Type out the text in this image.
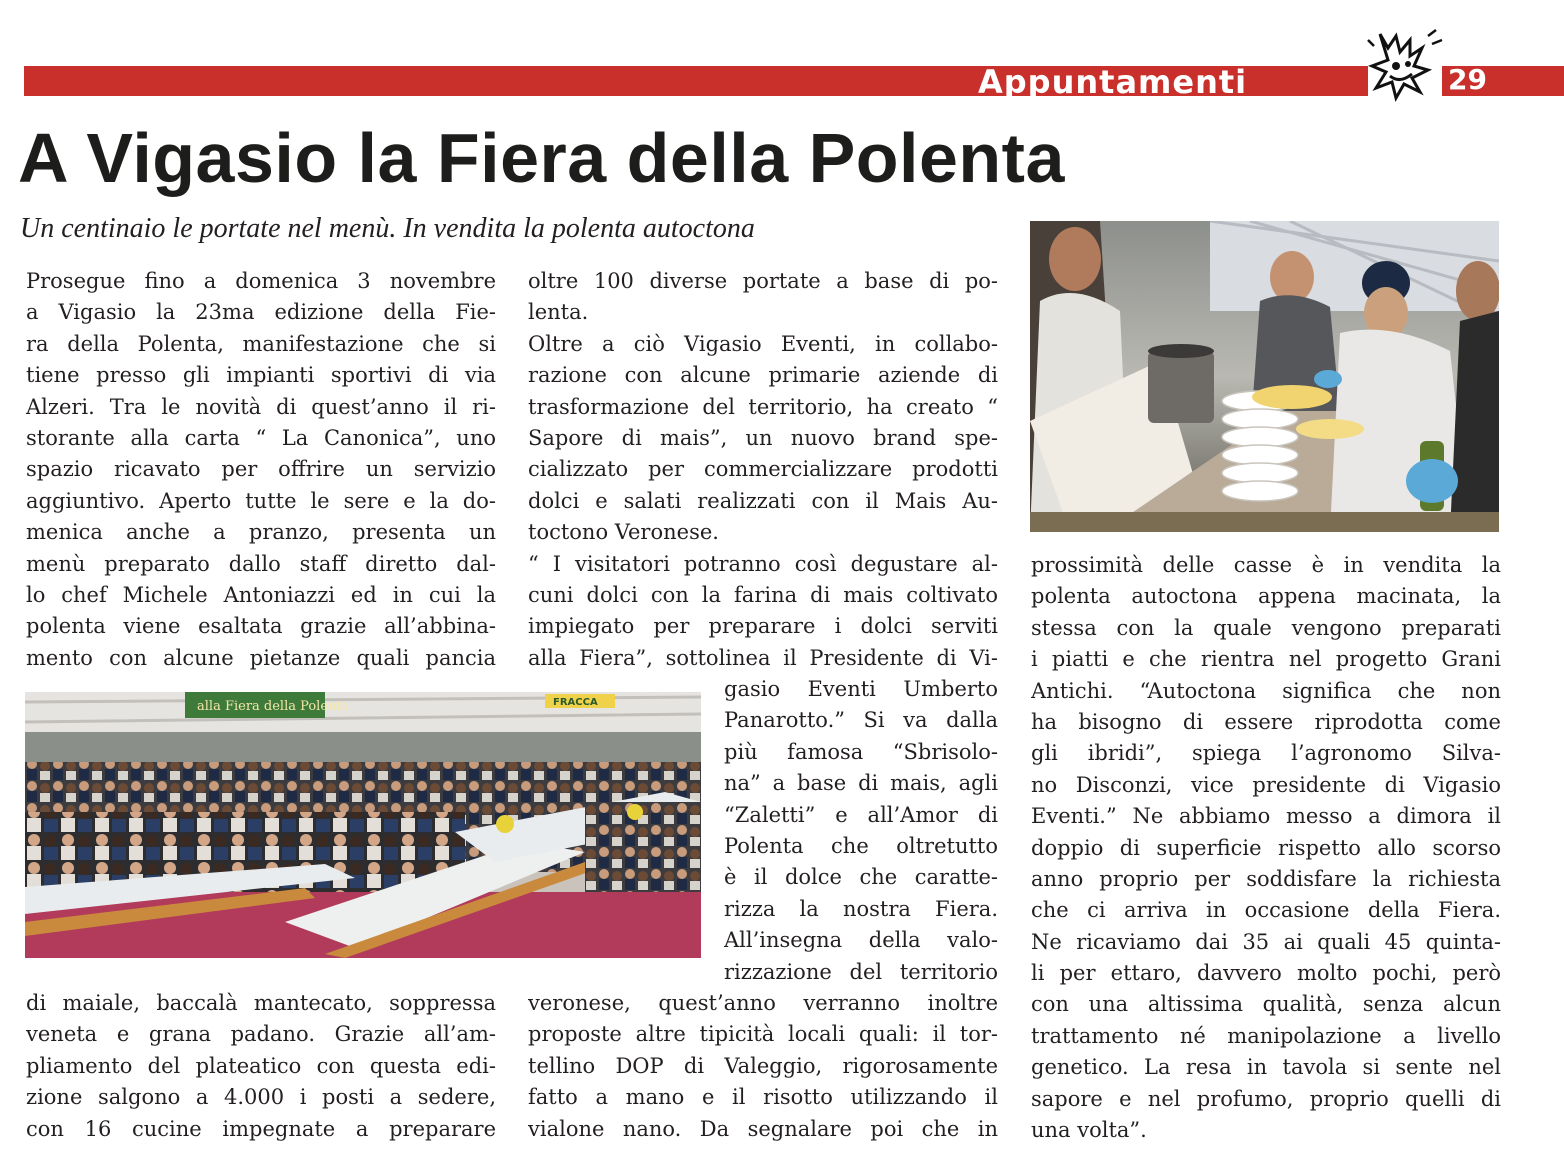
Appuntamenti	29
A Vigasio la Fiera della Polenta

Un centinaio le portate nel menù. In vendita la polenta autoctona

Prosegue fino a domenica 3 novembre
a Vigasio la 23ma edizione della Fie-
ra della Polenta, manifestazione che si
tiene presso gli impianti sportivi di via
Alzeri. Tra le novità di quest’anno il ri-
storante alla carta “ La Canonica”, uno
spazio ricavato per offrire un servizio
aggiuntivo. Aperto tutte le sere e la do-
menica anche a pranzo, presenta un
menù preparato dallo staff diretto dal-
lo chef Michele Antoniazzi ed in cui la
polenta viene esaltata grazie all’abbina-
mento con alcune pietanze quali pancia
di maiale, baccalà mantecato, soppressa
veneta e grana padano. Grazie all’am-
pliamento del plateatico con questa edi-
zione salgono a 4.000 i posti a sedere,
con 16 cucine impegnate a preparare
oltre 100 diverse portate a base di po-
lenta.
Oltre a ciò Vigasio Eventi, in collabo-
razione con alcune primarie aziende di
trasformazione del territorio, ha creato “
Sapore di mais”, un nuovo brand spe-
cializzato per commercializzare prodotti
dolci e salati realizzati con il Mais Au-
toctono Veronese.
“ I visitatori potranno così degustare al-
cuni dolci con la farina di mais coltivato
impiegato per preparare i dolci serviti
alla Fiera”, sottolinea il Presidente di Vi-
gasio Eventi Umberto
Panarotto.” Si va dalla
più famosa “Sbrisolo-
na” a base di mais, agli
“Zaletti” e all’Amor di
Polenta che oltretutto
è il dolce che caratte-
rizza la nostra Fiera.
All’insegna della valo-
rizzazione del territorio
veronese, quest’anno verranno inoltre
proposte altre tipicità locali quali: il tor-
tellino DOP di Valeggio, rigorosamente
fatto a mano e il risotto utilizzando il
vialone nano. Da segnalare poi che in
prossimità delle casse è in vendita la
polenta autoctona appena macinata, la
stessa con la quale vengono preparati
i piatti e che rientra nel progetto Grani
Antichi. “Autoctona significa che non
ha bisogno di essere riprodotta come
gli ibridi”, spiega l’agronomo Silva-
no Disconzi, vice presidente di Vigasio
Eventi.” Ne abbiamo messo a dimora il
doppio di superficie rispetto allo scorso
anno proprio per soddisfare la richiesta
che ci arriva in occasione della Fiera.
Ne ricaviamo dai 35 ai quali 45 quinta-
li per ettaro, davvero molto pochi, però
con una altissima qualità, senza alcun
trattamento né manipolazione a livello
genetico. La resa in tavola si sente nel
sapore e nel profumo, proprio quelli di
una volta”.
alla Fiera della Polenta	FRACCA
